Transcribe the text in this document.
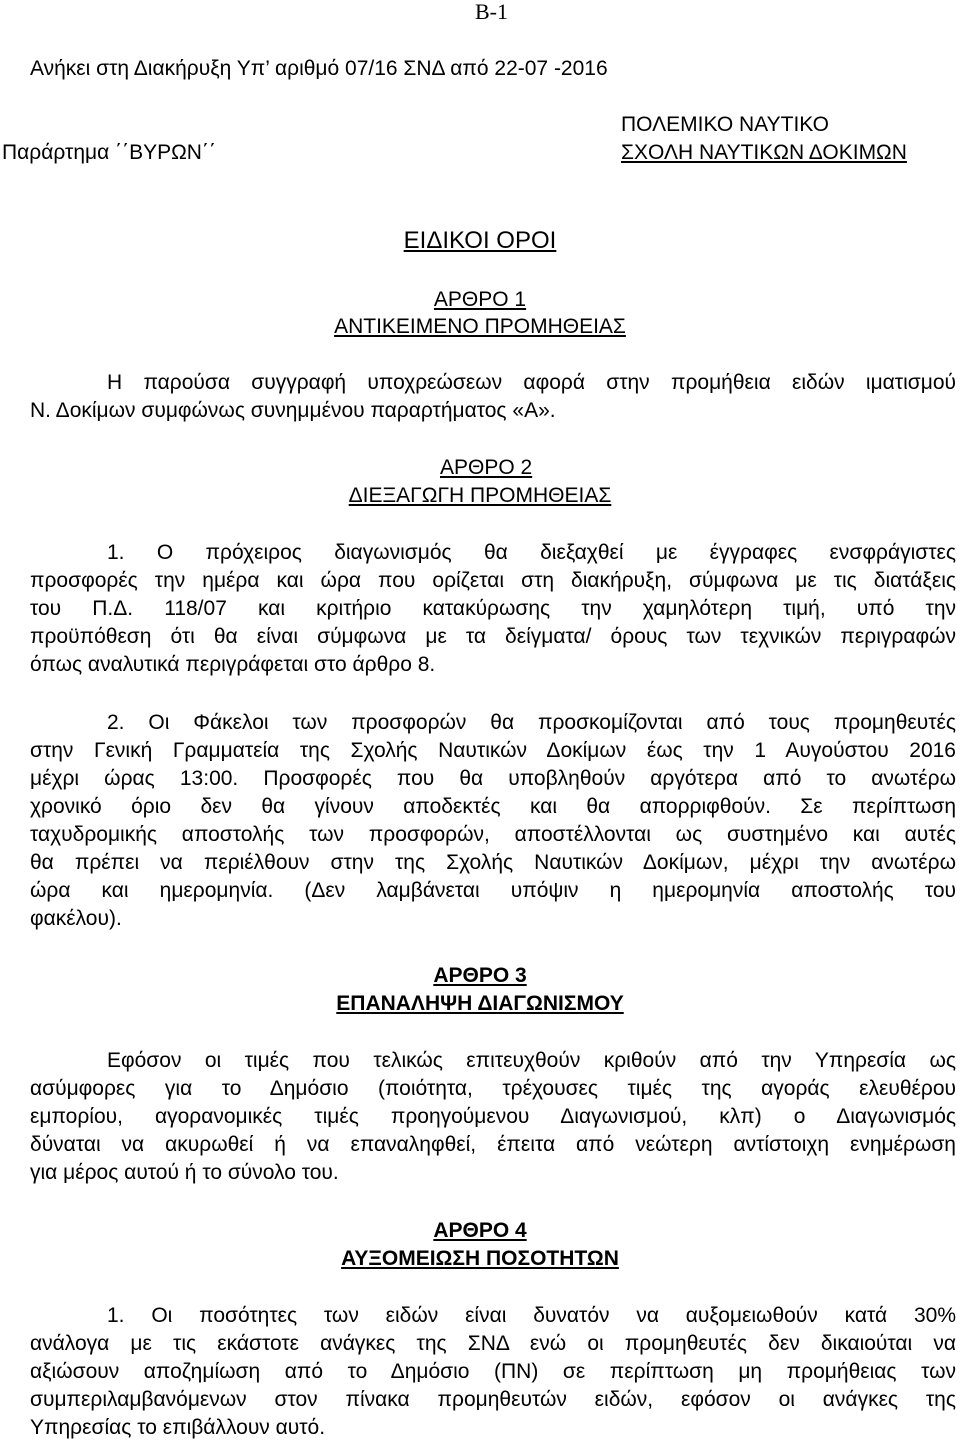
B-1
Ανήκει στη Διακήρυξη Υπ’ αριθμό 07/16 ΣΝΔ από 22-07 -2016
Παράρτημα ΄΄ΒΥΡΩΝ΄΄
ΠΟΛΕΜΙΚΟ ΝΑΥΤΙΚΟ
ΣΧΟΛΗ ΝΑΥΤΙΚΩΝ ΔΟΚΙΜΩΝ
ΕΙΔΙΚΟΙ ΟΡΟΙ
ΑΡΘΡΟ 1
ΑΝΤΙΚΕΙΜΕΝΟ ΠΡΟΜΗΘΕΙΑΣ
Η παρούσα συγγραφή υποχρεώσεων αφορά στην προμήθεια ειδών ιματισμού
Ν. Δοκίμων συμφώνως συνημμένου παραρτήματος «Α».
ΑΡΘΡΟ 2
ΔΙΕΞΑΓΩΓΗ ΠΡΟΜΗΘΕΙΑΣ
1. Ο πρόχειρος διαγωνισμός θα διεξαχθεί με έγγραφες ενσφράγιστες
προσφορές την ημέρα και ώρα που ορίζεται στη διακήρυξη, σύμφωνα με τις διατάξεις
του Π.Δ. 118/07 και κριτήριο κατακύρωσης την χαμηλότερη τιμή, υπό την
προϋπόθεση ότι θα είναι σύμφωνα με τα δείγματα/ όρους των τεχνικών περιγραφών
όπως αναλυτικά περιγράφεται στο άρθρο 8.
2. Οι Φάκελοι των προσφορών θα προσκομίζονται από τους προμηθευτές
στην Γενική Γραμματεία της Σχολής Ναυτικών Δοκίμων έως την 1 Αυγούστου 2016
μέχρι ώρας 13:00. Προσφορές που θα υποβληθούν αργότερα από το ανωτέρω
χρονικό όριο δεν θα γίνουν αποδεκτές και θα απορριφθούν. Σε περίπτωση
ταχυδρομικής αποστολής των προσφορών, αποστέλλονται ως συστημένο και αυτές
θα πρέπει να περιέλθουν στην της Σχολής Ναυτικών Δοκίμων, μέχρι την ανωτέρω
ώρα και ημερομηνία. (Δεν λαμβάνεται υπόψιν η ημερομηνία αποστολής του
φακέλου).
ΑΡΘΡΟ 3
ΕΠΑΝΑΛΗΨΗ ΔΙΑΓΩΝΙΣΜΟΥ
Εφόσον οι τιμές που τελικώς επιτευχθούν κριθούν από την Υπηρεσία ως
ασύμφορες για το Δημόσιο (ποιότητα, τρέχουσες τιμές της αγοράς ελευθέρου
εμπορίου, αγορανομικές τιμές προηγούμενου Διαγωνισμού, κλπ) ο Διαγωνισμός
δύναται να ακυρωθεί ή να επαναληφθεί, έπειτα από νεώτερη αντίστοιχη ενημέρωση
για μέρος αυτού ή το σύνολο του.
ΑΡΘΡΟ 4
ΑΥΞΟΜΕΙΩΣΗ ΠΟΣΟΤΗΤΩΝ
1. Οι ποσότητες των ειδών είναι δυνατόν να αυξομειωθούν κατά 30%
ανάλογα με τις εκάστοτε ανάγκες της ΣΝΔ ενώ οι προμηθευτές δεν δικαιούται να
αξιώσουν αποζημίωση από το Δημόσιο (ΠΝ) σε περίπτωση μη προμήθειας των
συμπεριλαμβανόμενων στον πίνακα προμηθευτών ειδών, εφόσον οι ανάγκες της
Υπηρεσίας το επιβάλλουν αυτό.
